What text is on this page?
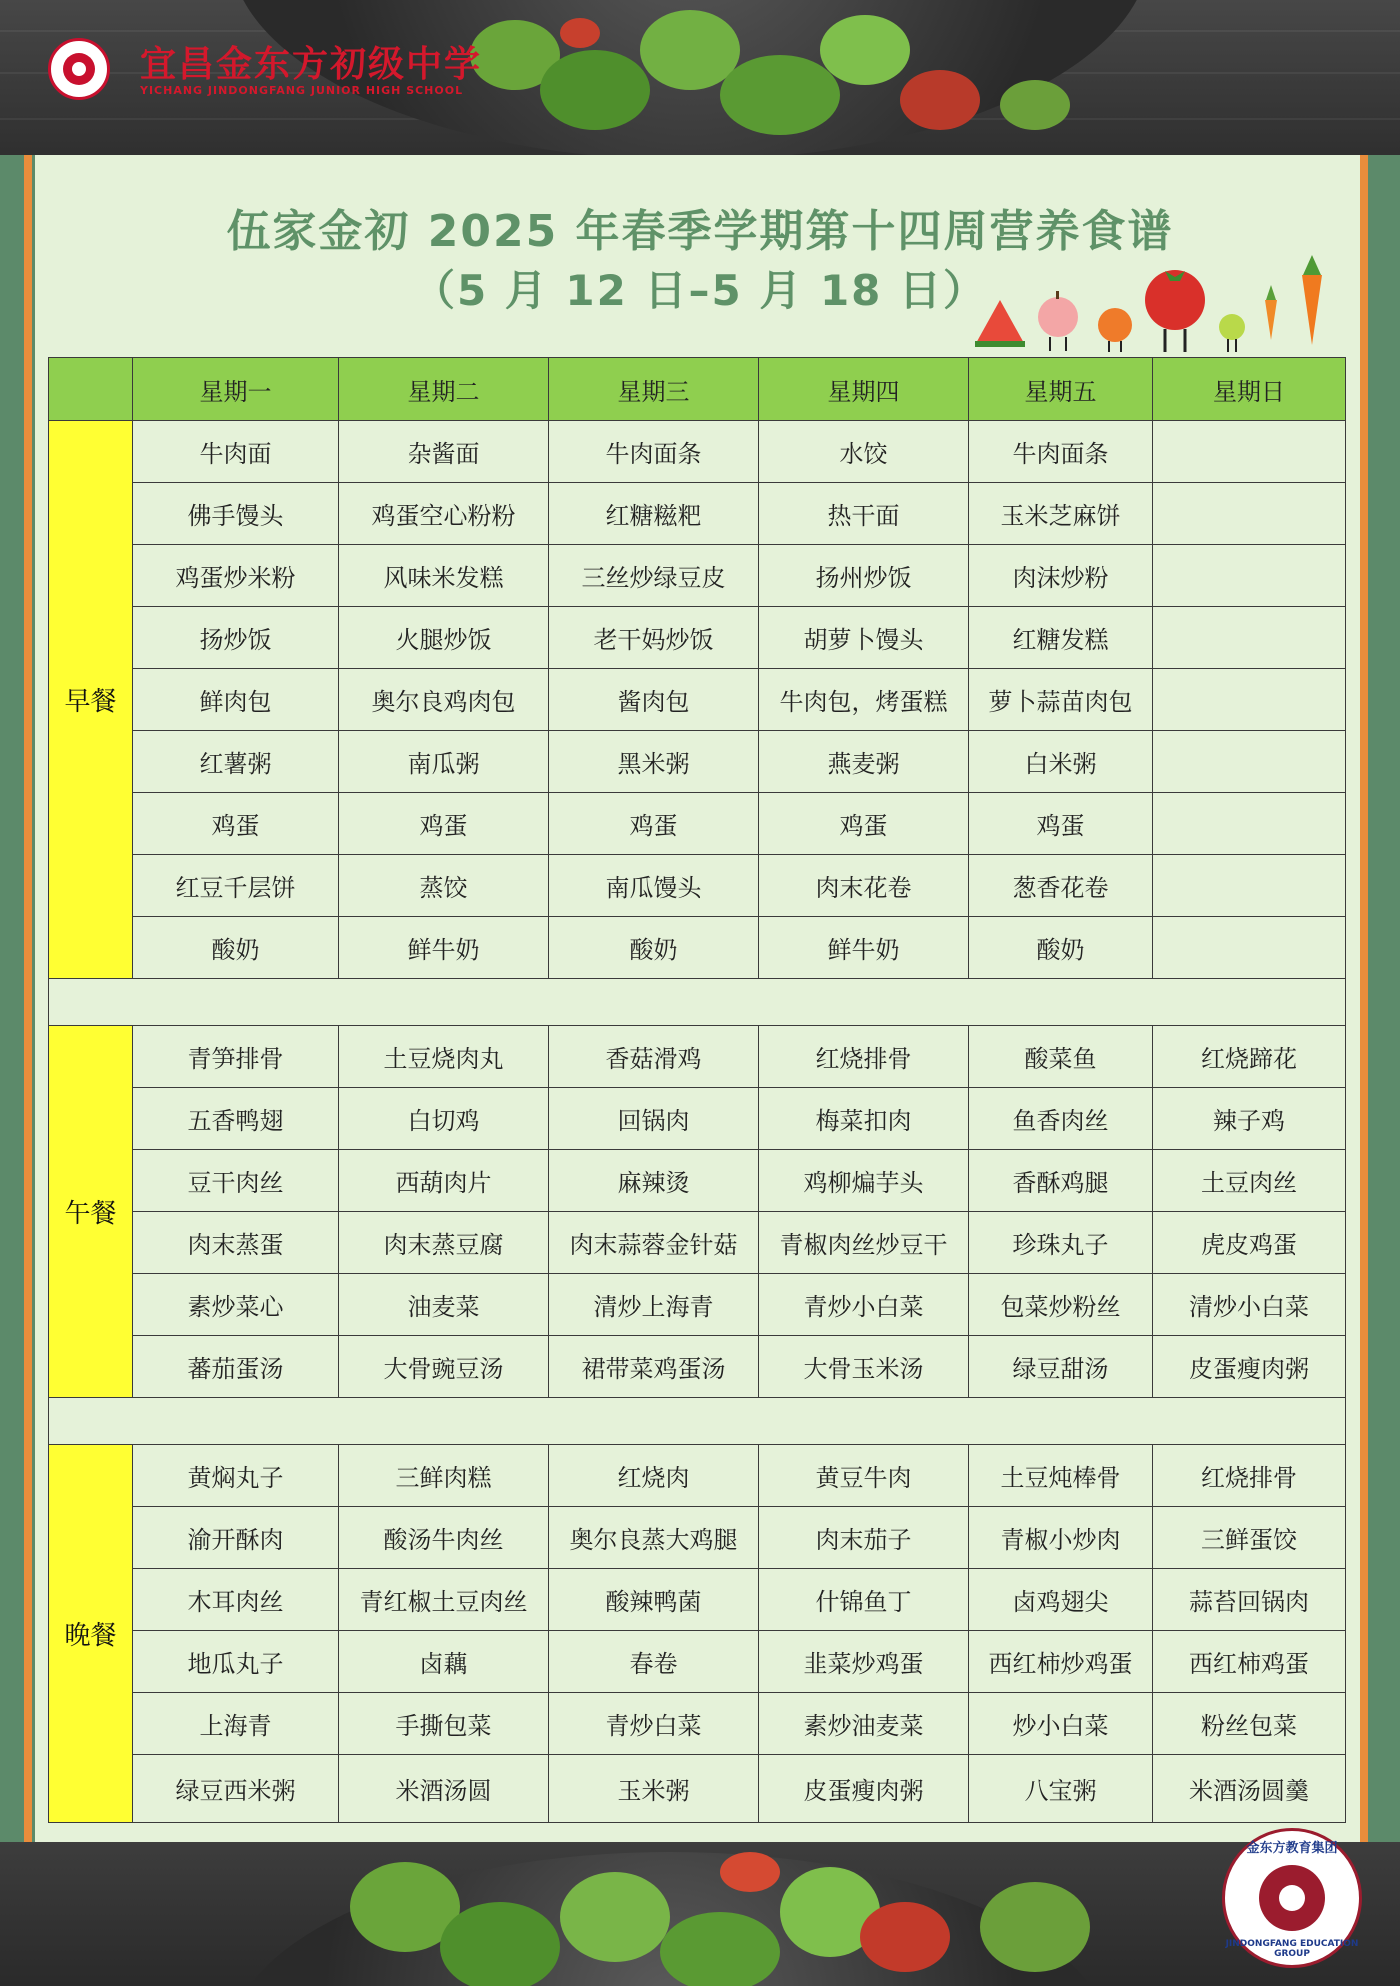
宜昌金东方初级中学
YICHANG JINDONGFANG JUNIOR HIGH SCHOOL
伍家金初 2025 年春季学期第十四周营养食谱
（5 月 12 日–5 月 18 日）
	星期一	星期二	星期三	星期四	星期五	星期日
早餐	牛肉面	杂酱面	牛肉面条	水饺	牛肉面条	
	佛手馒头	鸡蛋空心粉粉	红糖糍粑	热干面	玉米芝麻饼	
	鸡蛋炒米粉	风味米发糕	三丝炒绿豆皮	扬州炒饭	肉沫炒粉	
	扬炒饭	火腿炒饭	老干妈炒饭	胡萝卜馒头	红糖发糕	
	鲜肉包	奥尔良鸡肉包	酱肉包	牛肉包，烤蛋糕	萝卜蒜苗肉包	
	红薯粥	南瓜粥	黑米粥	燕麦粥	白米粥	
	鸡蛋	鸡蛋	鸡蛋	鸡蛋	鸡蛋	
	红豆千层饼	蒸饺	南瓜馒头	肉末花卷	葱香花卷	
	酸奶	鲜牛奶	酸奶	鲜牛奶	酸奶	

午餐	青笋排骨	土豆烧肉丸	香菇滑鸡	红烧排骨	酸菜鱼	红烧蹄花
	五香鸭翅	白切鸡	回锅肉	梅菜扣肉	鱼香肉丝	辣子鸡
	豆干肉丝	西葫肉片	麻辣烫	鸡柳煸芋头	香酥鸡腿	土豆肉丝
	肉末蒸蛋	肉末蒸豆腐	肉末蒜蓉金针菇	青椒肉丝炒豆干	珍珠丸子	虎皮鸡蛋
	素炒菜心	油麦菜	清炒上海青	青炒小白菜	包菜炒粉丝	清炒小白菜
	蕃茄蛋汤	大骨豌豆汤	裙带菜鸡蛋汤	大骨玉米汤	绿豆甜汤	皮蛋瘦肉粥

晚餐	黄焖丸子	三鲜肉糕	红烧肉	黄豆牛肉	土豆炖棒骨	红烧排骨
	渝开酥肉	酸汤牛肉丝	奥尔良蒸大鸡腿	肉末茄子	青椒小炒肉	三鲜蛋饺
	木耳肉丝	青红椒土豆肉丝	酸辣鸭菌	什锦鱼丁	卤鸡翅尖	蒜苔回锅肉
	地瓜丸子	卤藕	春卷	韭菜炒鸡蛋	西红柿炒鸡蛋	西红柿鸡蛋
	上海青	手撕包菜	青炒白菜	素炒油麦菜	炒小白菜	粉丝包菜
	绿豆西米粥	米酒汤圆	玉米粥	皮蛋瘦肉粥	八宝粥	米酒汤圆羹
金东方教育集团
JINDONGFANG EDUCATION GROUP
